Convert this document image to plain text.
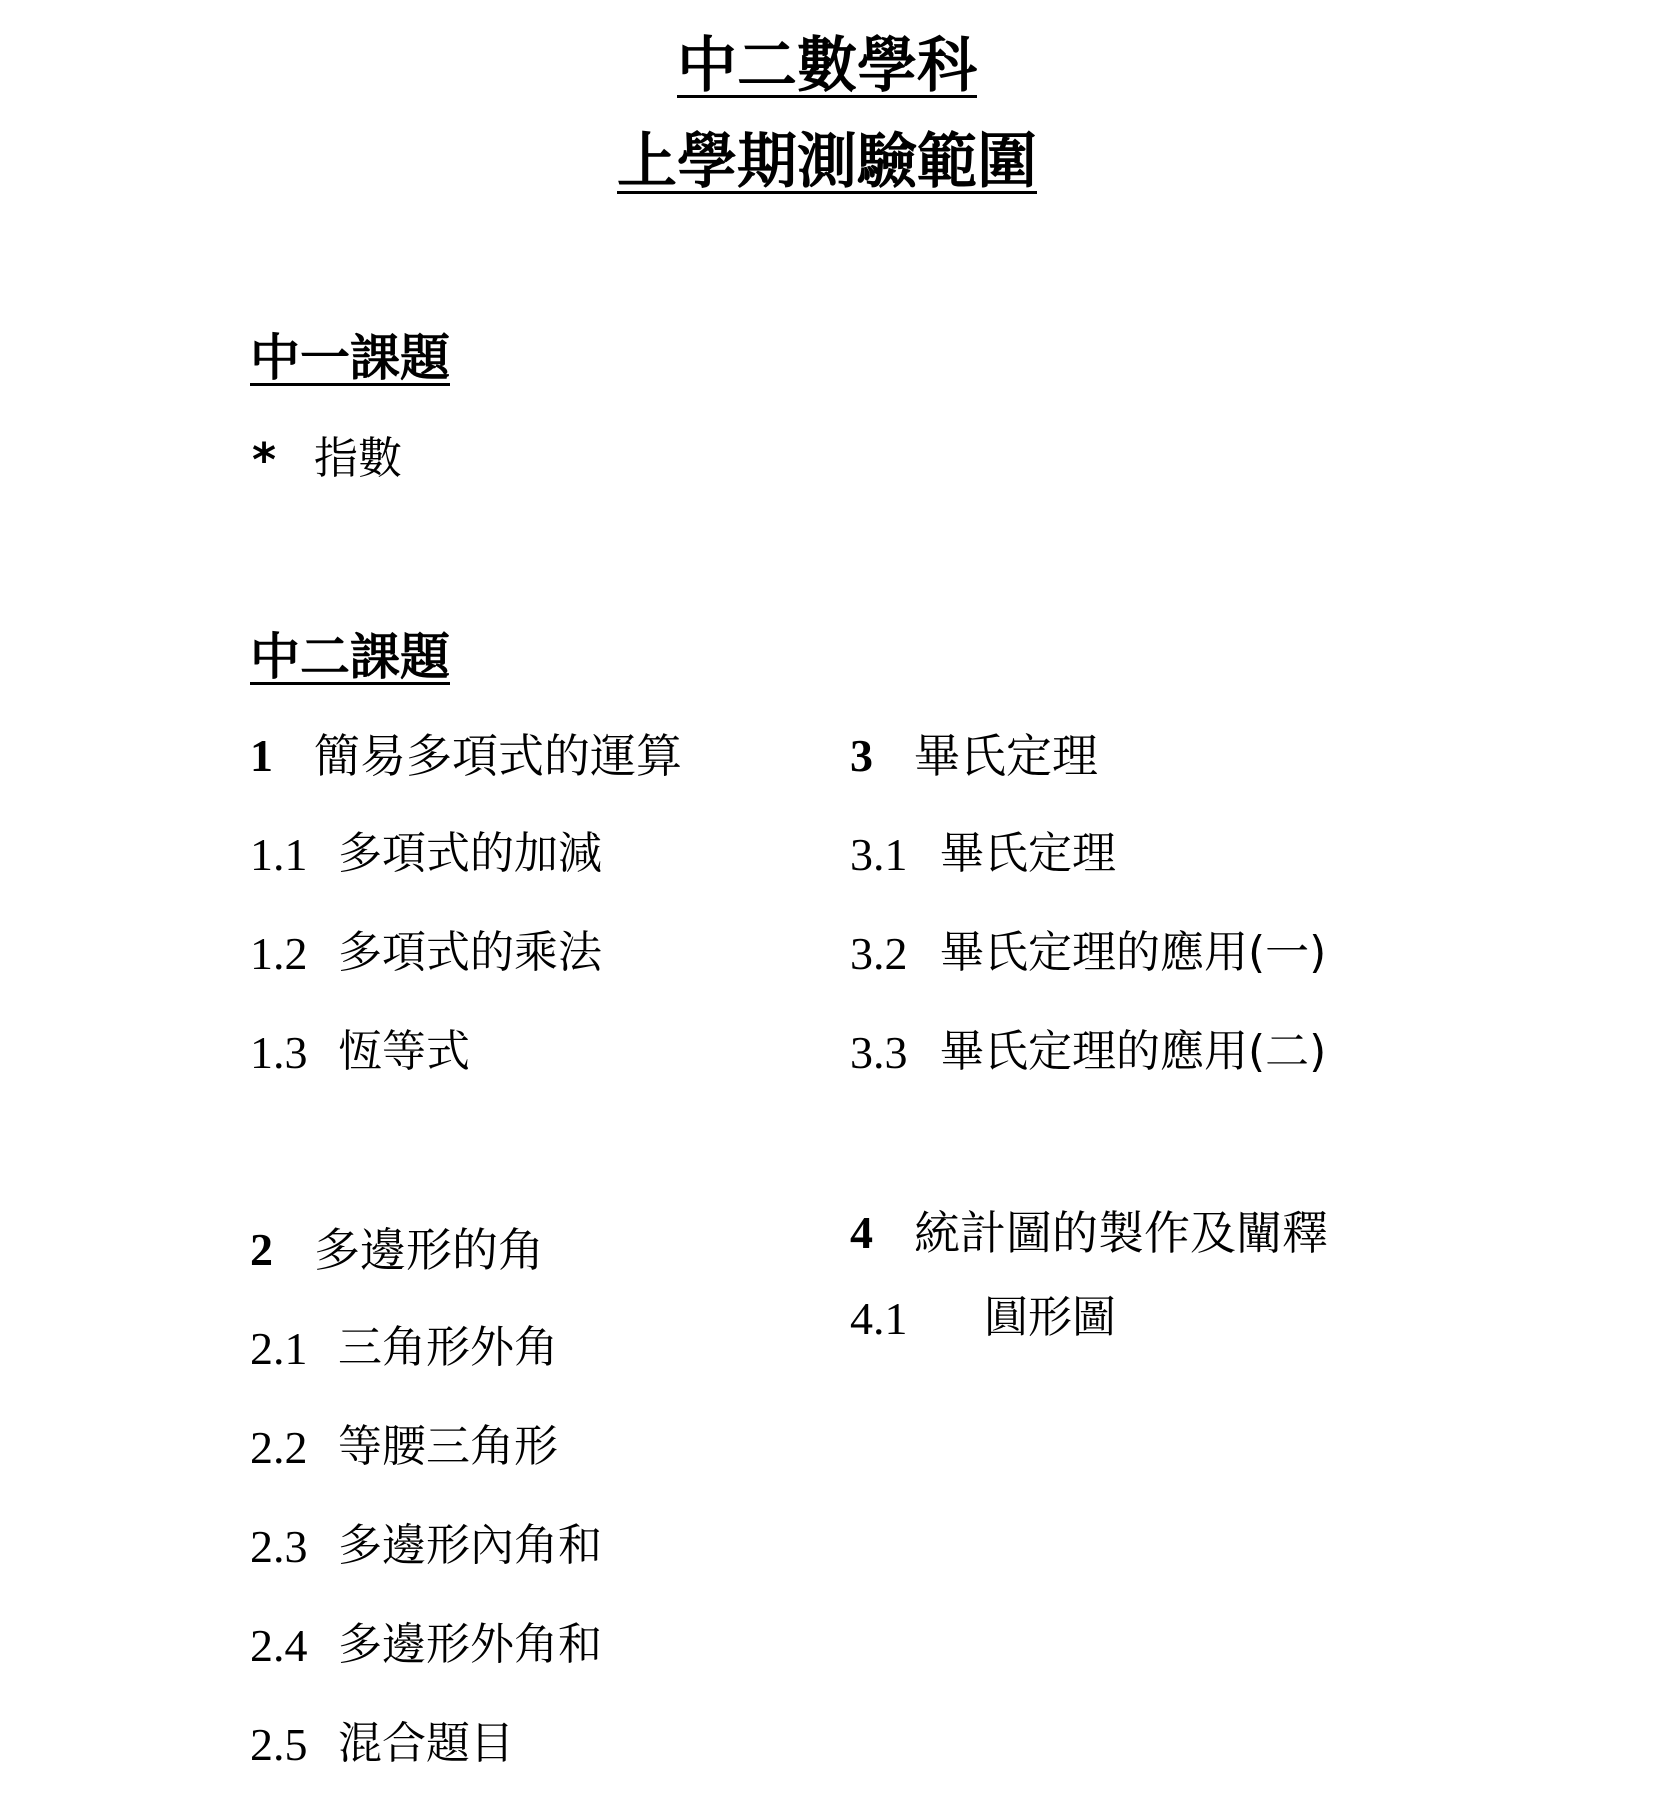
中二數學科
上學期測驗範圍
中一課題
* 指數
中二課題
1 簡易多項式的運算
1.1 多項式的加減
1.2 多項式的乘法
1.3 恆等式
2 多邊形的角
2.1 三角形外角
2.2 等腰三角形
2.3 多邊形內角和
2.4 多邊形外角和
2.5 混合題目
3 畢氏定理
3.1 畢氏定理
3.2 畢氏定理的應用(一)
3.3 畢氏定理的應用(二)
4 統計圖的製作及闡釋
4.1 圓形圖
